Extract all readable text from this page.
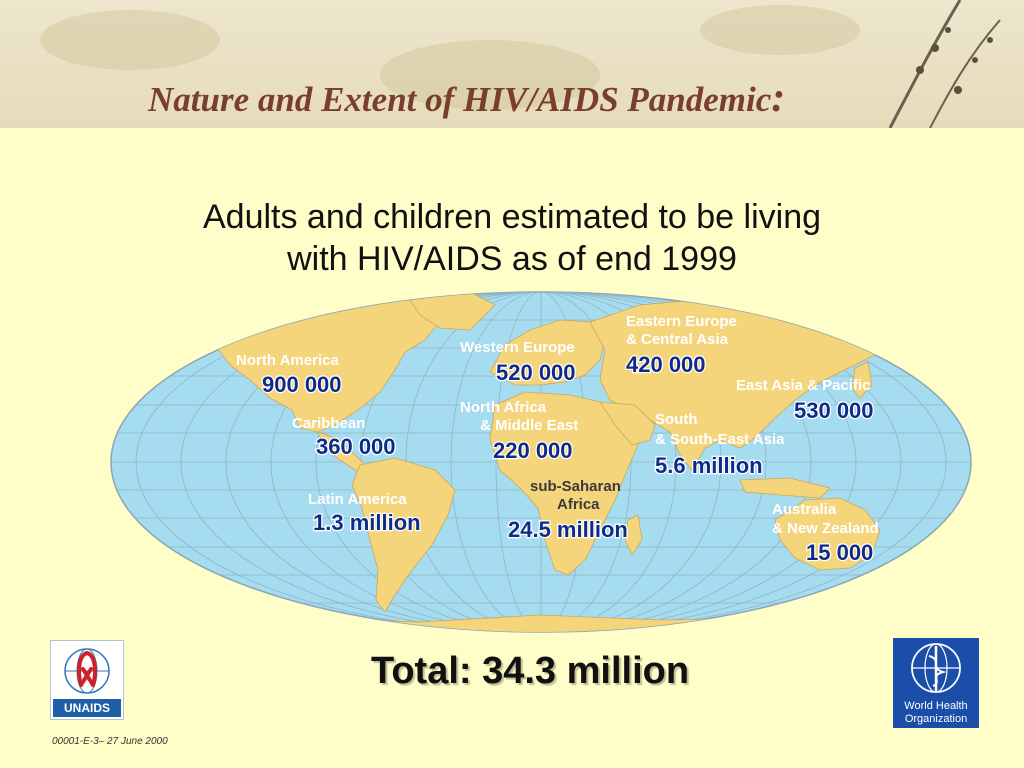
Nature and Extent of HIV/AIDS Pandemic:
Adults and children estimated to be living
with HIV/AIDS as of end 1999
North America
900 000
Caribbean
360 000
Latin America
1.3 million
Western Europe
520 000
North Africa
& Middle East
220 000
Eastern Europe
& Central Asia
420 000
sub-Saharan
Africa
24.5 million
East Asia & Pacific
530 000
South
& South-East Asia
5.6 million
Australia
& New Zealand
15 000
Total: 34.3 million
UNAIDS	World Health
Organization
00001-E-3– 27 June 2000
